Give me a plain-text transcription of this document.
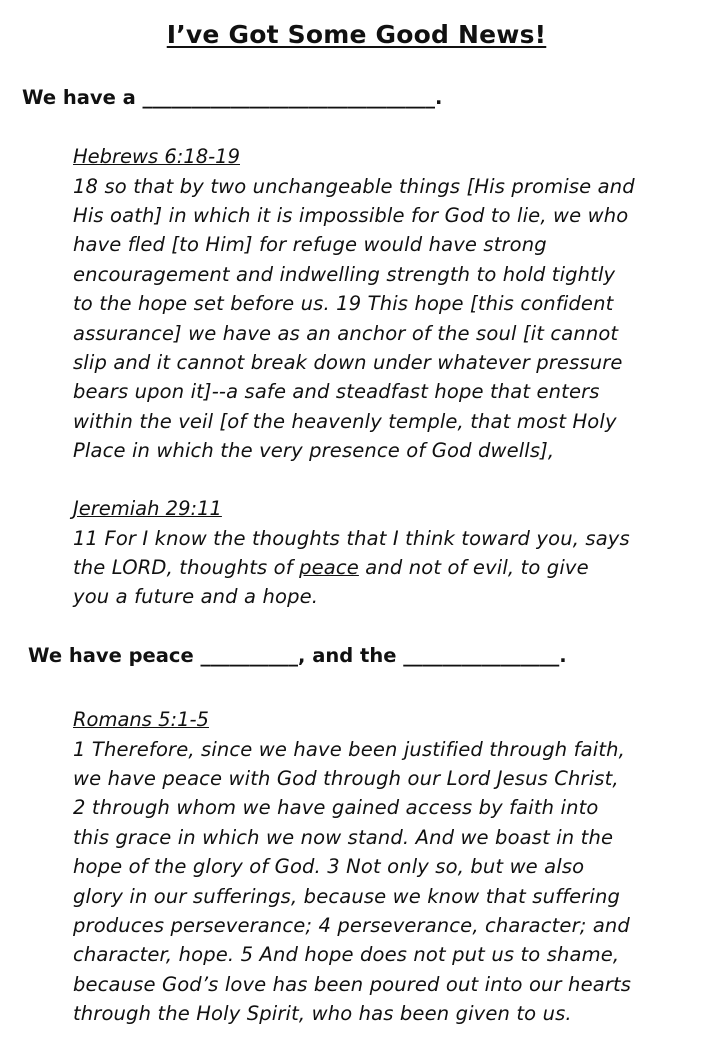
I’ve Got Some Good News!
We have a ______________________________.
Hebrews 6:18-19

18 so that by two unchangeable things [His promise and
His oath] in which it is impossible for God to lie, we who
have fled [to Him] for refuge would have strong
encouragement and indwelling strength to hold tightly
to the hope set before us. 19 This hope [this confident
assurance] we have as an anchor of the soul [it cannot
slip and it cannot break down under whatever pressure
bears upon it]--a safe and steadfast hope that enters
within the veil [of the heavenly temple, that most Holy
Place in which the very presence of God dwells],

Jeremiah 29:11

11 For I know the thoughts that I think toward you, says
the LORD, thoughts of peace and not of evil, to give
you a future and a hope.

We have peace __________, and the ________________.
Romans 5:1-5

1 Therefore, since we have been justified through faith,
we have peace with God through our Lord Jesus Christ,
2 through whom we have gained access by faith into
this grace in which we now stand. And we boast in the
hope of the glory of God. 3 Not only so, but we also
glory in our sufferings, because we know that suffering
produces perseverance; 4 perseverance, character; and
character, hope. 5 And hope does not put us to shame,
because God’s love has been poured out into our hearts
through the Holy Spirit, who has been given to us.
